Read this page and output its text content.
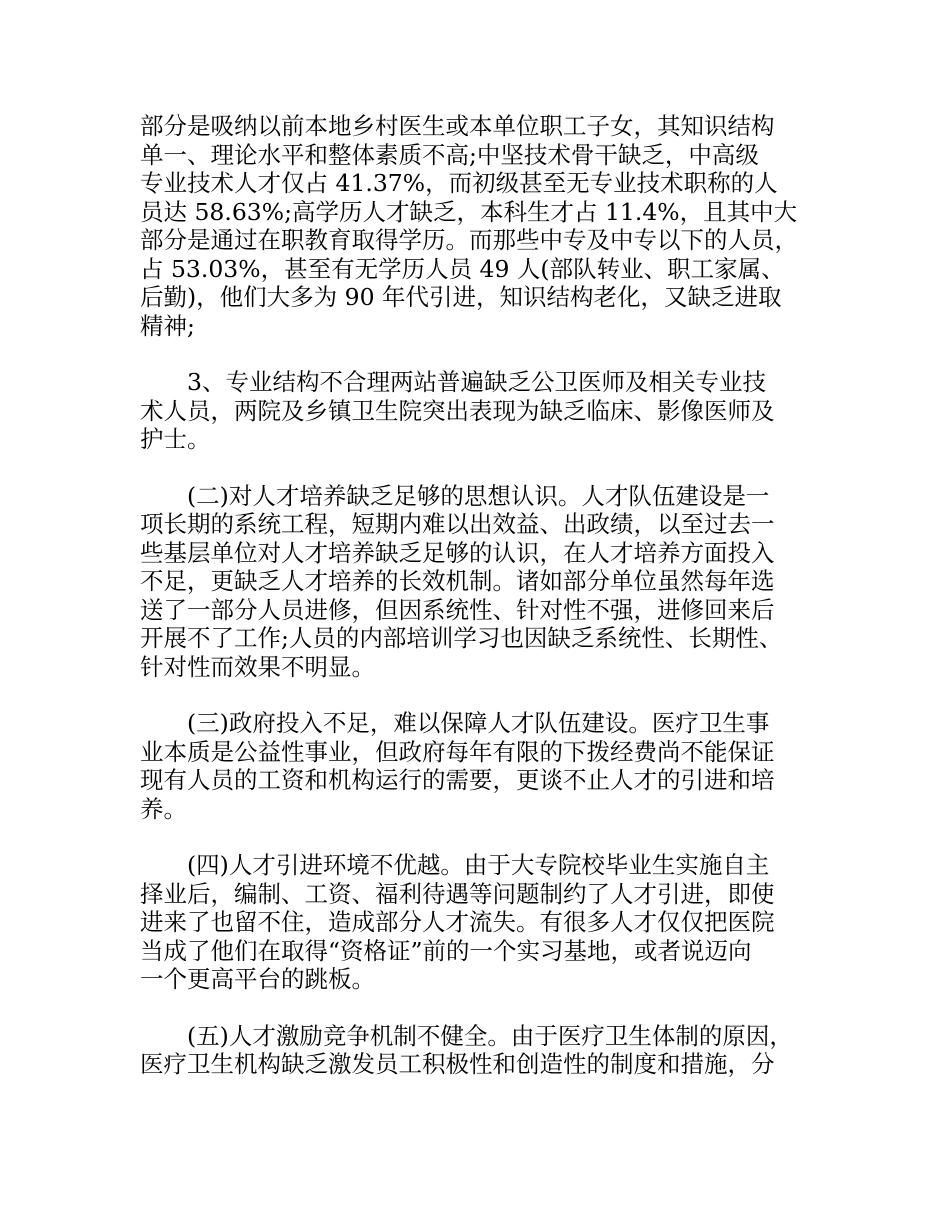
部分是吸纳以前本地乡村医生或本单位职工子女，其知识结构
单一、理论水平和整体素质不高;中坚技术骨干缺乏，中高级
专业技术人才仅占 41.37%，而初级甚至无专业技术职称的人
员达 58.63%;高学历人才缺乏，本科生才占 11.4%，且其中大
部分是通过在职教育取得学历。而那些中专及中专以下的人员，
占 53.03%，甚至有无学历人员 49 人(部队转业、职工家属、
后勤)，他们大多为 90 年代引进，知识结构老化，又缺乏进取
精神;
3、专业结构不合理两站普遍缺乏公卫医师及相关专业技
术人员，两院及乡镇卫生院突出表现为缺乏临床、影像医师及
护士。
(二)对人才培养缺乏足够的思想认识。人才队伍建设是一
项长期的系统工程，短期内难以出效益、出政绩，以至过去一
些基层单位对人才培养缺乏足够的认识，在人才培养方面投入
不足，更缺乏人才培养的长效机制。诸如部分单位虽然每年选
送了一部分人员进修，但因系统性、针对性不强，进修回来后
开展不了工作;人员的内部培训学习也因缺乏系统性、长期性、
针对性而效果不明显。
(三)政府投入不足，难以保障人才队伍建设。医疗卫生事
业本质是公益性事业，但政府每年有限的下拨经费尚不能保证
现有人员的工资和机构运行的需要，更谈不止人才的引进和培
养。
(四)人才引进环境不优越。由于大专院校毕业生实施自主
择业后，编制、工资、福利待遇等问题制约了人才引进，即使
进来了也留不住，造成部分人才流失。有很多人才仅仅把医院
当成了他们在取得“资格证”前的一个实习基地，或者说迈向
一个更高平台的跳板。
(五)人才激励竞争机制不健全。由于医疗卫生体制的原因，
医疗卫生机构缺乏激发员工积极性和创造性的制度和措施，分
